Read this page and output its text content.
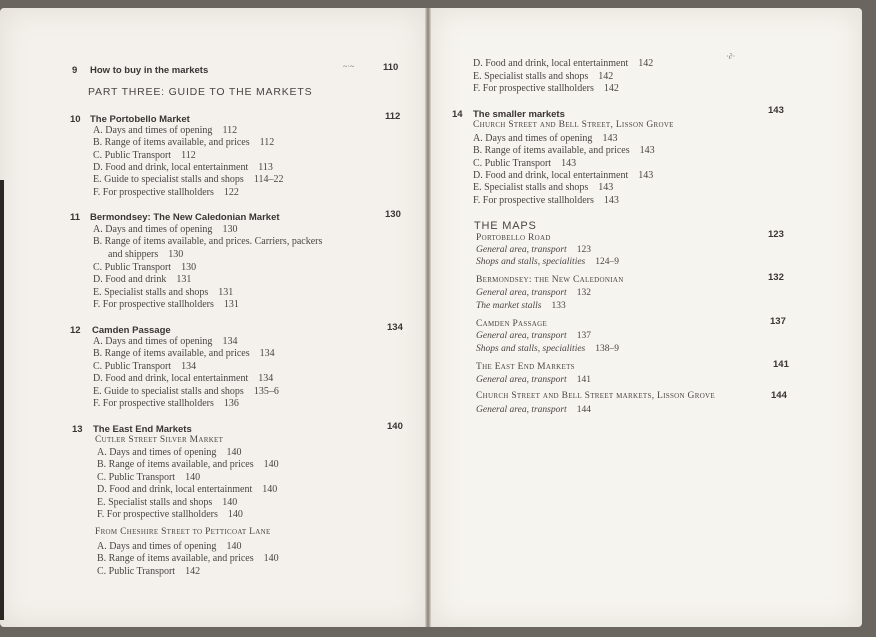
9 How to buy in the markets	~·~	110
PART THREE: GUIDE TO THE MARKETS
10 The Portobello Market	112
A. Days and times of opening 112
B. Range of items available, and prices 112
C. Public Transport 112
D. Food and drink, local entertainment 113
E. Guide to specialist stalls and shops 114–22
F. For prospective stallholders 122
11 Bermondsey: The New Caledonian Market	130
A. Days and times of opening 130
B. Range of items available, and prices. Carriers, packers
and shippers 130
C. Public Transport 130
D. Food and drink 131
E. Specialist stalls and shops 131
F. For prospective stallholders 131
12 Camden Passage	134
A. Days and times of opening 134
B. Range of items available, and prices 134
C. Public Transport 134
D. Food and drink, local entertainment 134
E. Guide to specialist stalls and shops 135–6
F. For prospective stallholders 136
13 The East End Markets	140
Cutler Street Silver Market
A. Days and times of opening 140
B. Range of items available, and prices 140
C. Public Transport 140
D. Food and drink, local entertainment 140
E. Specialist stalls and shops 140
F. For prospective stallholders 140
From Cheshire Street to Petticoat Lane
A. Days and times of opening 140
B. Range of items available, and prices 140
C. Public Transport 142
·∂·
D. Food and drink, local entertainment 142
E. Specialist stalls and shops 142
F. For prospective stallholders 142
14 The smaller markets	143
Church Street and Bell Street, Lisson Grove
A. Days and times of opening 143
B. Range of items available, and prices 143
C. Public Transport 143
D. Food and drink, local entertainment 143
E. Specialist stalls and shops 143
F. For prospective stallholders 143
THE MAPS
Portobello Road	123
General area, transport 123
Shops and stalls, specialities 124–9
Bermondsey: the New Caledonian	132
General area, transport 132
The market stalls 133
Camden Passage	137
General area, transport 137
Shops and stalls, specialities 138–9
The East End Markets	141
General area, transport 141
Church Street and Bell Street markets, Lisson Grove	144
General area, transport 144
